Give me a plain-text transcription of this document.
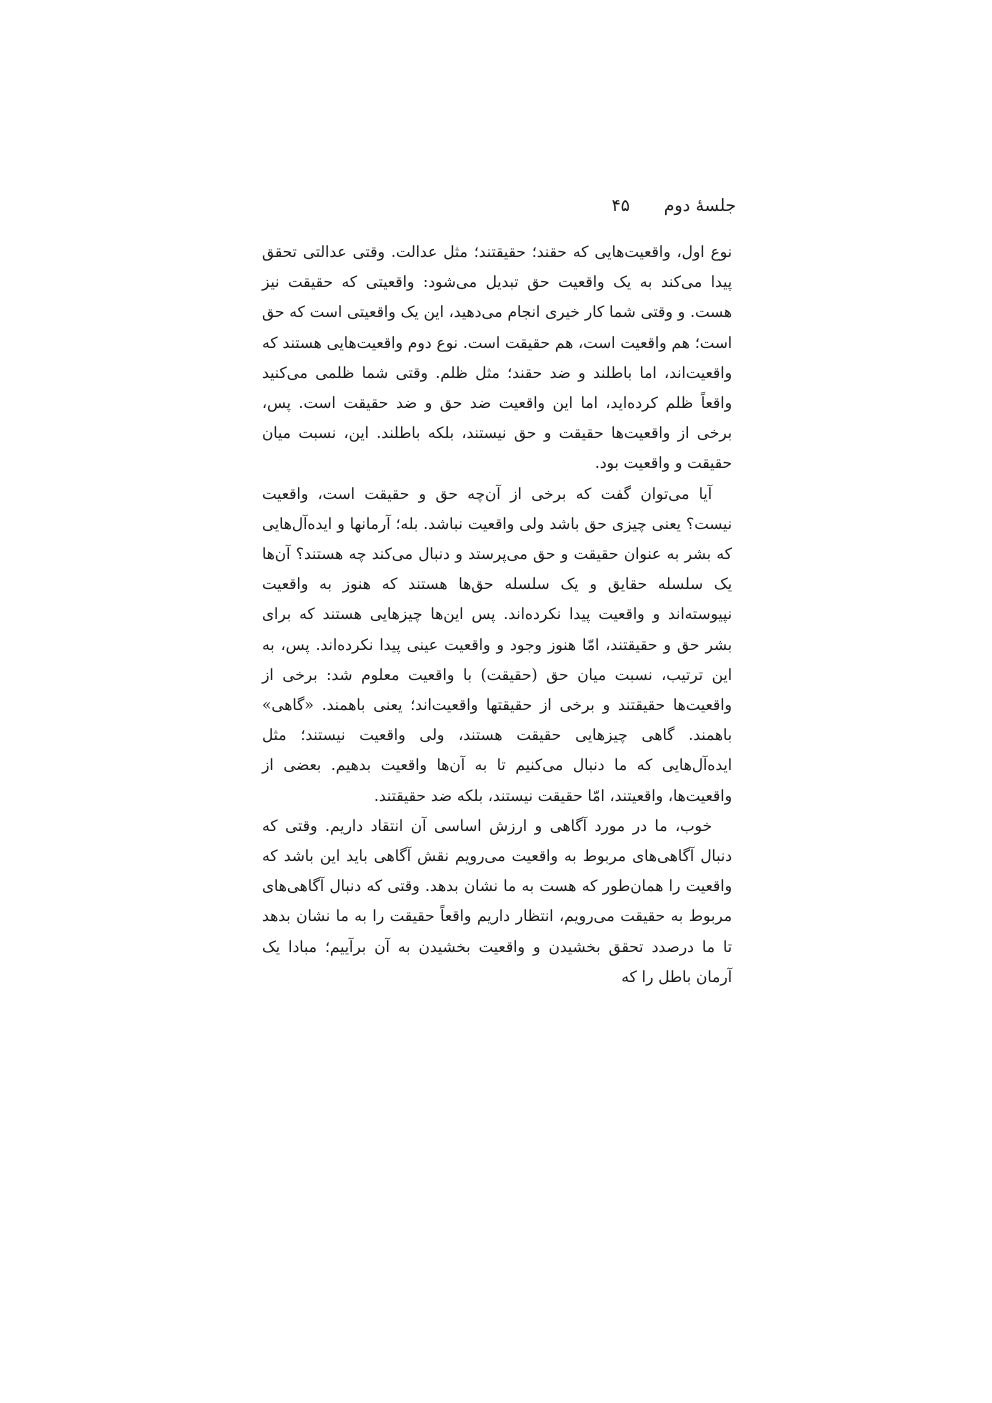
جلسهٔ دوم
۴۵

نوع اول، واقعیت‌هایی که حقند؛ حقیقتند؛ مثل عدالت. وقتی عدالتی تحقق پیدا می‌کند به یک واقعیت حق تبدیل می‌شود: واقعیتی که حقیقت نیز هست. و وقتی شما کار خیری انجام می‌دهید، این یک واقعیتی است که حق است؛ هم واقعیت است، هم حقیقت است. نوع دوم واقعیت‌هایی هستند که واقعیت‌اند، اما باطلند و ضد حقند؛ مثل ظلم. وقتی شما ظلمی می‌کنید واقعاً ظلم کرده‌اید، اما این واقعیت ضد حق و ضد حقیقت است. پس، برخی از واقعیت‌ها حقیقت و حق نیستند، بلکه باطلند. این، نسبت میان حقیقت و واقعیت بود.

آیا می‌توان گفت که برخی از آن‌چه حق و حقیقت است، واقعیت نیست؟ یعنی چیزی حق باشد ولی واقعیت نباشد. بله؛ آرمانها و ایده‌آل‌هایی که بشر به عنوان حقیقت و حق می‌پرستد و دنبال می‌کند چه هستند؟ آن‌ها یک سلسله حقایق و یک سلسله حق‌ها هستند که هنوز به واقعیت نپیوسته‌اند و واقعیت پیدا نکرده‌اند. پس این‌ها چیزهایی هستند که برای بشر حق و حقیقتند، امّا هنوز وجود و واقعیت عینی پیدا نکرده‌اند. پس، به این ترتیب، نسبت میان حق (حقیقت) با واقعیت معلوم شد: برخی از واقعیت‌ها حقیقتند و برخی از حقیقتها واقعیت‌اند؛ یعنی باهمند. «گاهی» باهمند. گاهی چیزهایی حقیقت هستند، ولی واقعیت نیستند؛ مثل ایده‌آل‌هایی که ما دنبال می‌کنیم تا به آن‌ها واقعیت بدهیم. بعضی از واقعیت‌ها، واقعیتند، امّا حقیقت نیستند، بلکه ضد حقیقتند.

خوب، ما در مورد آگاهی و ارزش اساسی آن انتقاد داریم. وقتی که دنبال آگاهی‌های مربوط به واقعیت می‌رویم نقش آگاهی باید این باشد که واقعیت را همان‌طور که هست به ما نشان بدهد. وقتی که دنبال آگاهی‌های مربوط به حقیقت می‌رویم، انتظار داریم واقعاً حقیقت را به ما نشان بدهد تا ما درصدد تحقق بخشیدن و واقعیت بخشیدن به آن برآییم؛ مبادا یک آرمان باطل را که
